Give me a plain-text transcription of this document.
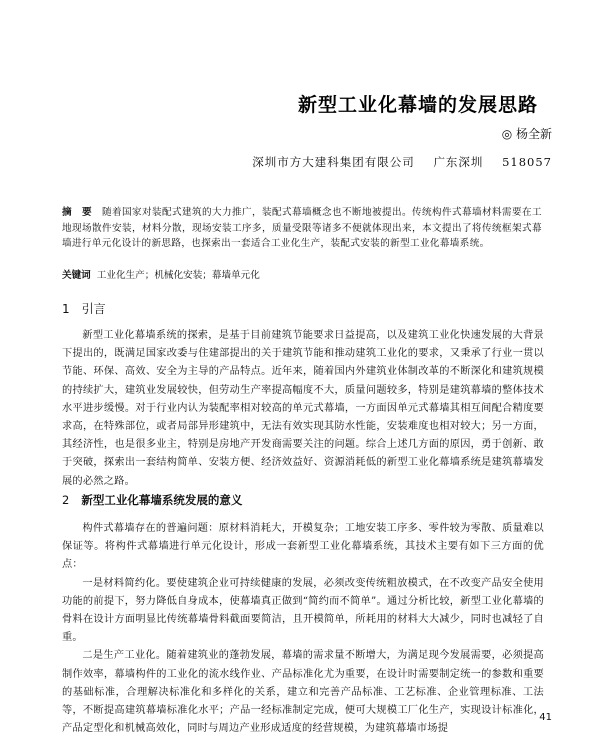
新型工业化幕墙的发展思路
◎ 杨全新
深圳市方大建科集团有限公司 广东深圳 518057
摘　要 随着国家对装配式建筑的大力推广，装配式幕墙概念也不断地被提出。传统构件式幕墙材料需要在工地现场散件安装，材料分散，现场安装工序多，质量受限等诸多不便就体现出来，本文提出了将传统框架式幕墙进行单元化设计的新思路，也探索出一套适合工业化生产，装配式安装的新型工业化幕墙系统。
关键词 工业化生产；机械化安装；幕墙单元化
1 引言

新型工业化幕墙系统的探索，是基于目前建筑节能要求日益提高，以及建筑工业化快速发展的大背景下提出的，既满足国家改委与住建部提出的关于建筑节能和推动建筑工业化的要求，又秉承了行业一贯以节能、环保、高效、安全为主导的产品特点。近年来，随着国内外建筑业体制改革的不断深化和建筑规模的持续扩大，建筑业发展较快，但劳动生产率提高幅度不大，质量问题较多，特别是建筑幕墙的整体技术水平进步缓慢。对于行业内认为装配率相对较高的单元式幕墙，一方面因单元式幕墙其相互间配合精度要求高，在特殊部位，或者局部异形建筑中，无法有效实现其防水性能，安装难度也相对较大；另一方面，其经济性，也是很多业主，特别是房地产开发商需要关注的问题。综合上述几方面的原因，勇于创新、敢于突破，探索出一套结构简单、安装方便、经济效益好、资源消耗低的新型工业化幕墙系统是建筑幕墙发展的必然之路。

2 新型工业化幕墙系统发展的意义

构件式幕墙存在的普遍问题：原材料消耗大，开模复杂；工地安装工序多、零件较为零散、质量难以保证等。将构件式幕墙进行单元化设计，形成一套新型工业化幕墙系统，其技术主要有如下三方面的优点：

一是材料简约化。要使建筑企业可持续健康的发展，必须改变传统粗放模式，在不改变产品安全使用功能的前提下，努力降低自身成本，使幕墙真正做到“简约而不简单”。通过分析比较，新型工业化幕墙的骨料在设计方面明显比传统幕墙骨料截面要简洁，且开模简单，所耗用的材料大大减少，同时也减轻了自重。

二是生产工业化。随着建筑业的蓬勃发展，幕墙的需求量不断增大，为满足现今发展需要，必须提高制作效率，幕墙构件的工业化的流水线作业、产品标准化尤为重要，在设计时需要制定统一的参数和重要的基础标准，合理解决标准化和多样化的关系，建立和完善产品标准、工艺标准、企业管理标准、工法等，不断提高建筑幕墙标准化水平；产品一经标准制定完成，便可大规模工厂化生产，实现设计标准化，产品定型化和机械高效化，同时与周边产业形成适度的经营规模，为建筑幕墙市场提

41
